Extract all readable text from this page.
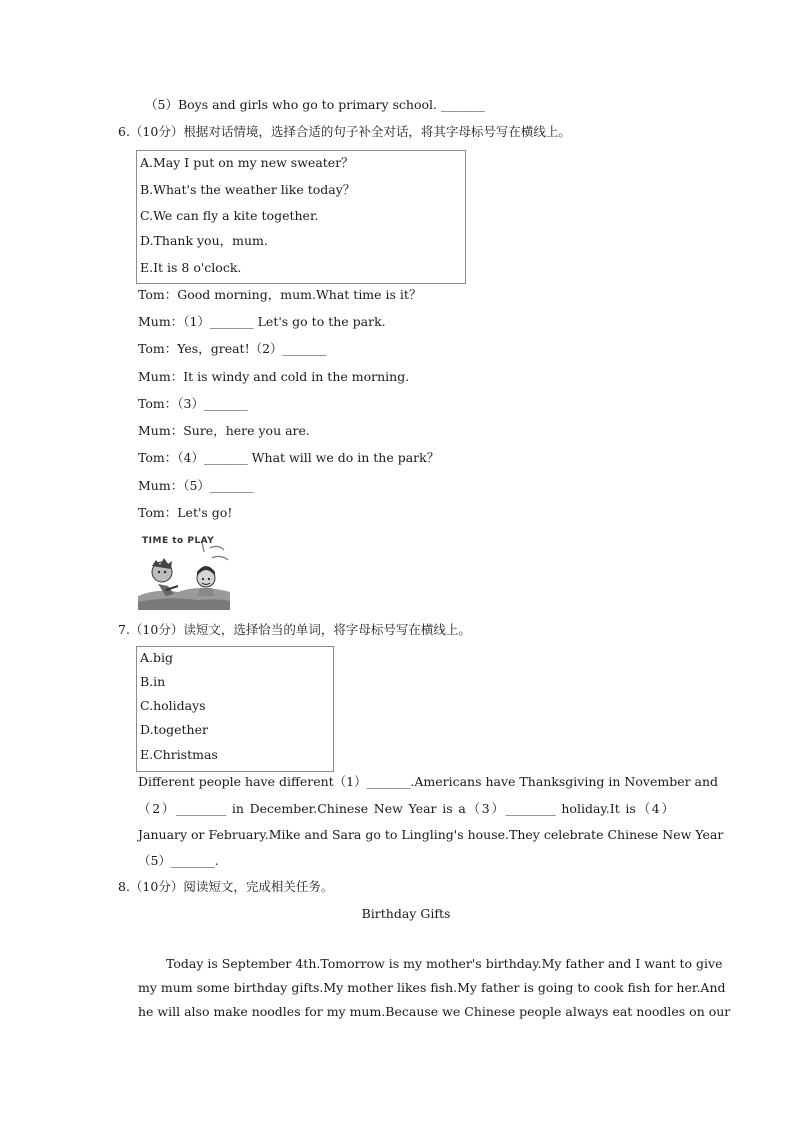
（5）Boys and girls who go to primary school. _______
6.（10分）根据对话情境，选择合适的句子补全对话，将其字母标号写在横线上。
A.May I put on my new sweater？
B.What's the weather like today？
C.We can fly a kite together.
D.Thank you，mum.
E.It is 8 o'clock.
Tom：Good morning，mum.What time is it？
Mum：（1）_______ Let's go to the park.
Tom：Yes，great!（2）_______
Mum：It is windy and cold in the morning.
Tom：（3）_______
Mum：Sure，here you are.
Tom：（4）_______ What will we do in the park？
Mum：（5）_______
Tom：Let's go!
TIME to PLAY
7.（10分）读短文，选择恰当的单词，将字母标号写在横线上。
A.big
B.in
C.holidays
D.together
E.Christmas
Different people have different（1）_______.Americans have Thanksgiving in November and
（2）________ in December.Chinese New Year is a（3）________ holiday.It is（4）
January or February.Mike and Sara go to Lingling's house.They celebrate Chinese New Year
（5）_______.
8.（10分）阅读短文，完成相关任务。
Birthday Gifts
Today is September 4th.Tomorrow is my mother's birthday.My father and I want to give
my mum some birthday gifts.My mother likes fish.My father is going to cook fish for her.And
he will also make noodles for my mum.Because we Chinese people always eat noodles on our
